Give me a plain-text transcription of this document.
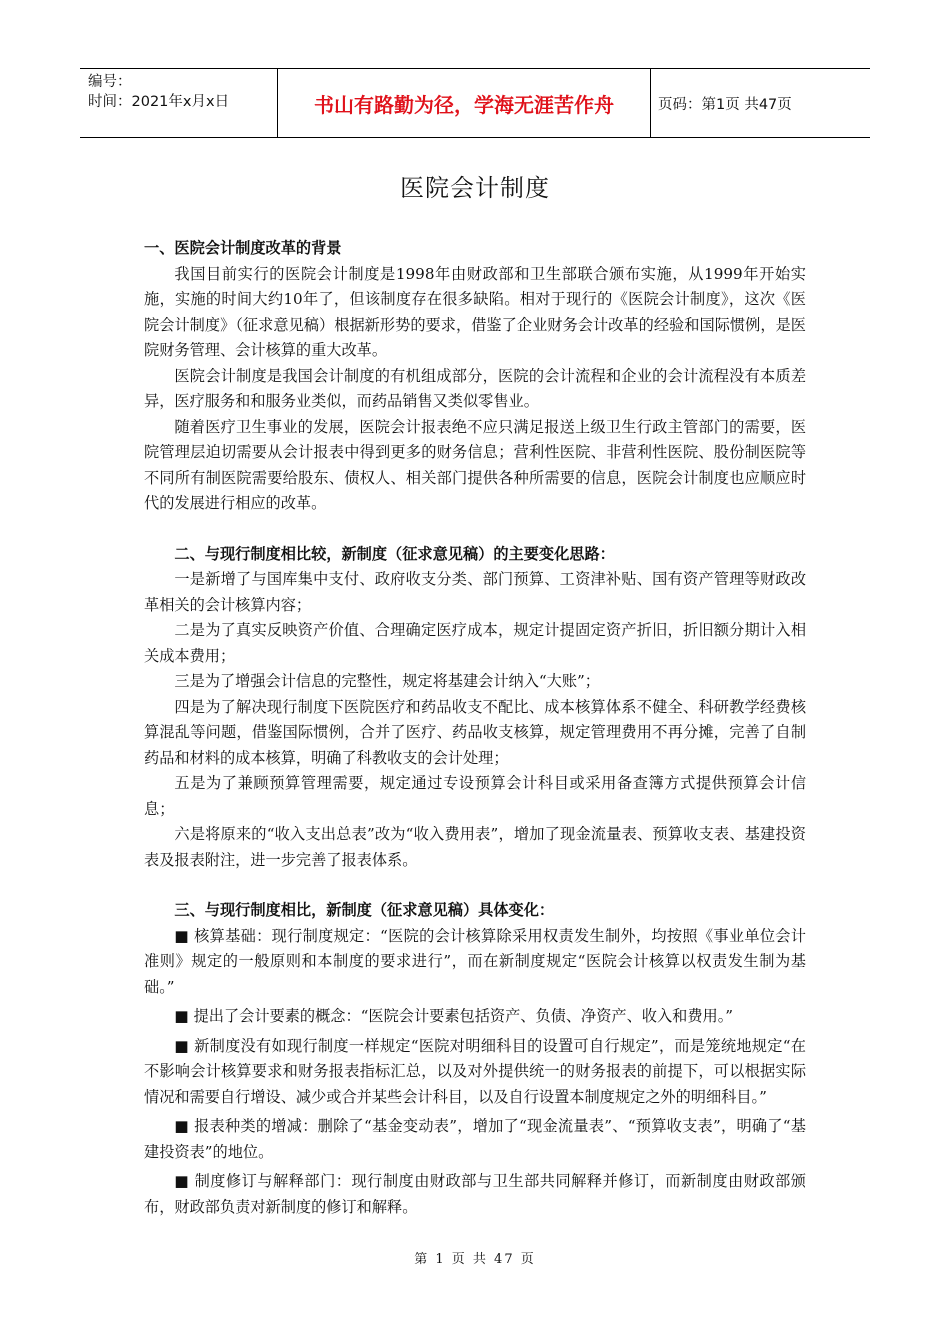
编号：
时间：2021年x月x日	书山有路勤为径，学海无涯苦作舟	页码：第1页 共47页
医院会计制度
一、医院会计制度改革的背景

我国目前实行的医院会计制度是1998年由财政部和卫生部联合颁布实施，从1999年开始实施，实施的时间大约10年了，但该制度存在很多缺陷。相对于现行的《医院会计制度》，这次《医院会计制度》（征求意见稿）根据新形势的要求，借鉴了企业财务会计改革的经验和国际惯例，是医院财务管理、会计核算的重大改革。

医院会计制度是我国会计制度的有机组成部分，医院的会计流程和企业的会计流程没有本质差异，医疗服务和和服务业类似，而药品销售又类似零售业。

随着医疗卫生事业的发展，医院会计报表绝不应只满足报送上级卫生行政主管部门的需要，医院管理层迫切需要从会计报表中得到更多的财务信息；营利性医院、非营利性医院、股份制医院等不同所有制医院需要给股东、债权人、相关部门提供各种所需要的信息，医院会计制度也应顺应时代的发展进行相应的改革。

二、与现行制度相比较，新制度（征求意见稿）的主要变化思路：

一是新增了与国库集中支付、政府收支分类、部门预算、工资津补贴、国有资产管理等财政改革相关的会计核算内容；

二是为了真实反映资产价值、合理确定医疗成本，规定计提固定资产折旧，折旧额分期计入相关成本费用；

三是为了增强会计信息的完整性，规定将基建会计纳入“大账”；

四是为了解决现行制度下医院医疗和药品收支不配比、成本核算体系不健全、科研教学经费核算混乱等问题，借鉴国际惯例，合并了医疗、药品收支核算，规定管理费用不再分摊，完善了自制药品和材料的成本核算，明确了科教收支的会计处理；

五是为了兼顾预算管理需要，规定通过专设预算会计科目或采用备查簿方式提供预算会计信息；

六是将原来的“收入支出总表”改为“收入费用表”，增加了现金流量表、预算收支表、基建投资表及报表附注，进一步完善了报表体系。

三、与现行制度相比，新制度（征求意见稿）具体变化：

■ 核算基础：现行制度规定：“医院的会计核算除采用权责发生制外，均按照《事业单位会计准则》规定的一般原则和本制度的要求进行”，而在新制度规定“医院会计核算以权责发生制为基础。”

■ 提出了会计要素的概念：“医院会计要素包括资产、负债、净资产、收入和费用。”

■ 新制度没有如现行制度一样规定“医院对明细科目的设置可自行规定”，而是笼统地规定“在不影响会计核算要求和财务报表指标汇总，以及对外提供统一的财务报表的前提下，可以根据实际情况和需要自行增设、减少或合并某些会计科目，以及自行设置本制度规定之外的明细科目。”

■ 报表种类的增减：删除了“基金变动表”，增加了“现金流量表”、“预算收支表”，明确了“基建投资表”的地位。

■ 制度修订与解释部门：现行制度由财政部与卫生部共同解释并修订，而新制度由财政部颁布，财政部负责对新制度的修订和解释。

第 1 页 共 47 页
